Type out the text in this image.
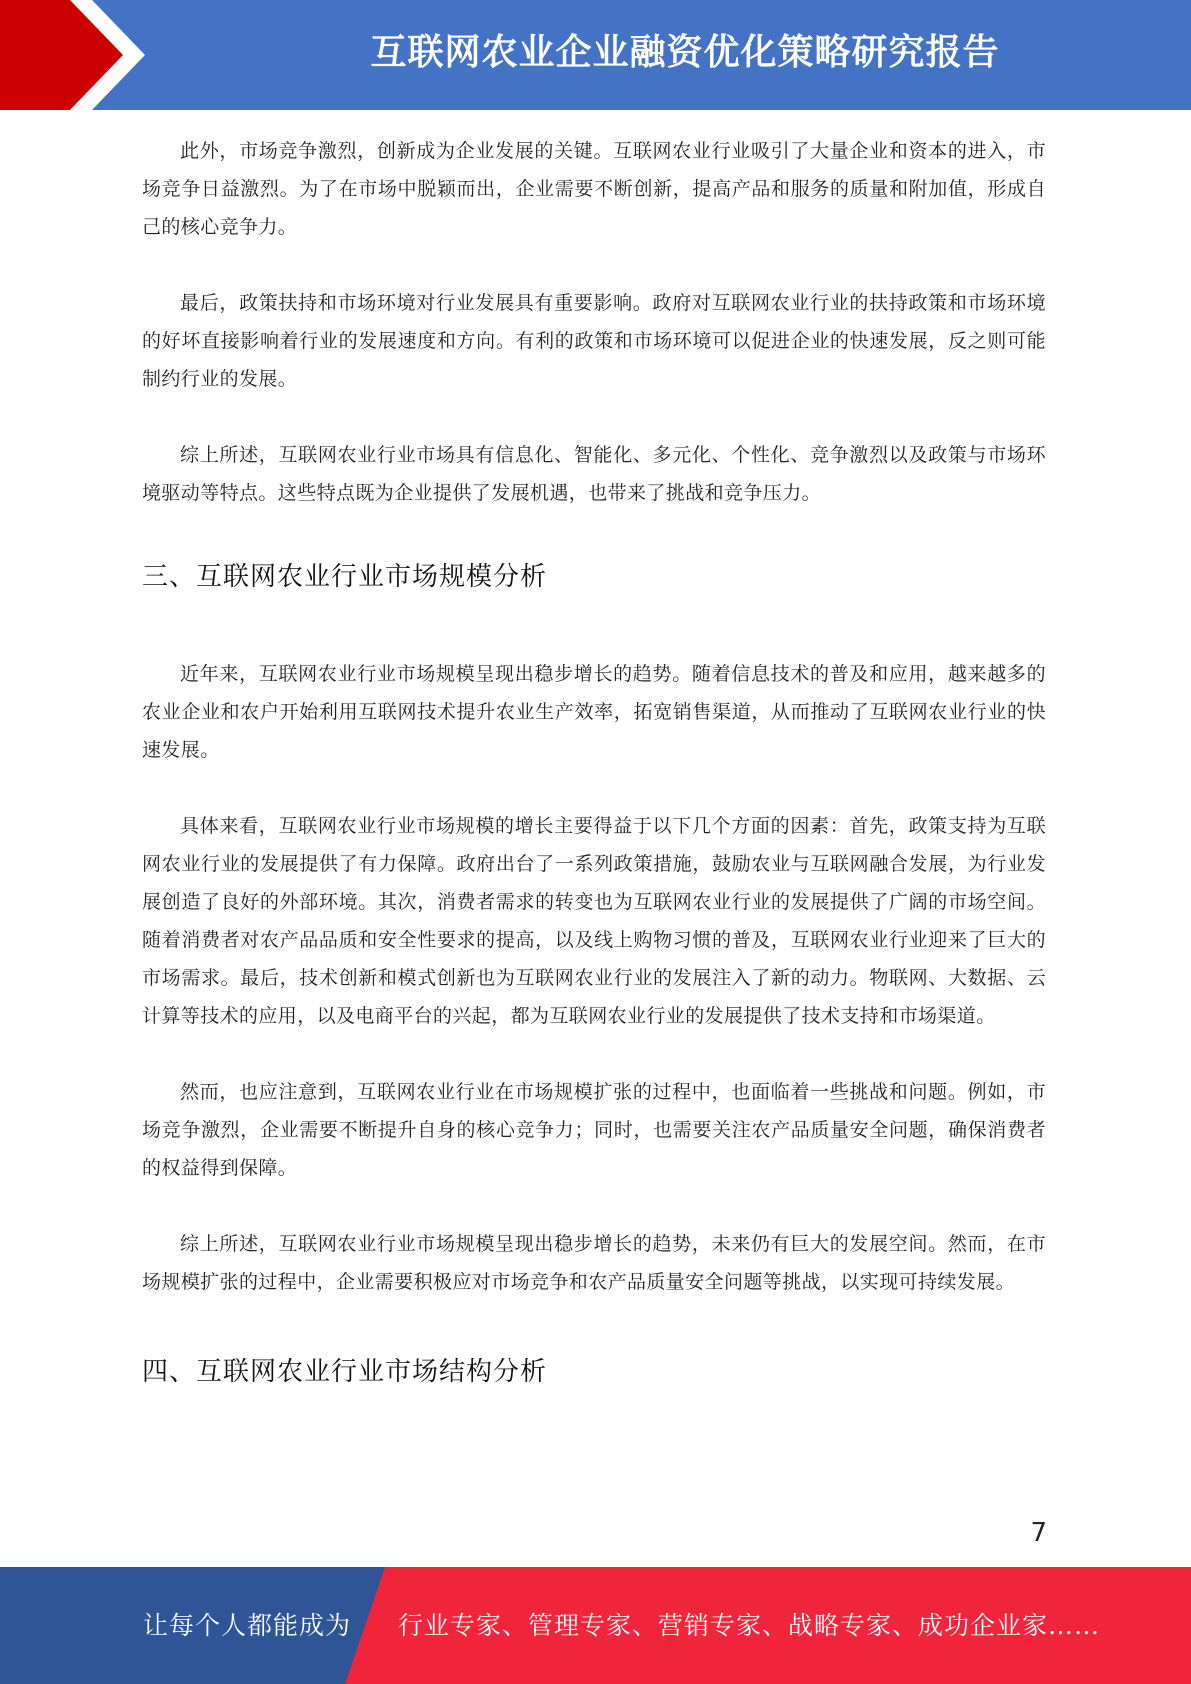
互联网农业企业融资优化策略研究报告

此外，市场竞争激烈，创新成为企业发展的关键。互联网农业行业吸引了大量企业和资本的进入，市场竞争日益激烈。为了在市场中脱颖而出，企业需要不断创新，提高产品和服务的质量和附加值，形成自己的核心竞争力。

最后，政策扶持和市场环境对行业发展具有重要影响。政府对互联网农业行业的扶持政策和市场环境的好坏直接影响着行业的发展速度和方向。有利的政策和市场环境可以促进企业的快速发展，反之则可能制约行业的发展。

综上所述，互联网农业行业市场具有信息化、智能化、多元化、个性化、竞争激烈以及政策与市场环境驱动等特点。这些特点既为企业提供了发展机遇，也带来了挑战和竞争压力。

三、互联网农业行业市场规模分析

近年来，互联网农业行业市场规模呈现出稳步增长的趋势。随着信息技术的普及和应用，越来越多的农业企业和农户开始利用互联网技术提升农业生产效率，拓宽销售渠道，从而推动了互联网农业行业的快速发展。

具体来看，互联网农业行业市场规模的增长主要得益于以下几个方面的因素：首先，政策支持为互联网农业行业的发展提供了有力保障。政府出台了一系列政策措施，鼓励农业与互联网融合发展，为行业发展创造了良好的外部环境。其次，消费者需求的转变也为互联网农业行业的发展提供了广阔的市场空间。随着消费者对农产品品质和安全性要求的提高，以及线上购物习惯的普及，互联网农业行业迎来了巨大的市场需求。最后，技术创新和模式创新也为互联网农业行业的发展注入了新的动力。物联网、大数据、云计算等技术的应用，以及电商平台的兴起，都为互联网农业行业的发展提供了技术支持和市场渠道。

然而，也应注意到，互联网农业行业在市场规模扩张的过程中，也面临着一些挑战和问题。例如，市场竞争激烈，企业需要不断提升自身的核心竞争力；同时，也需要关注农产品质量安全问题，确保消费者的权益得到保障。

综上所述，互联网农业行业市场规模呈现出稳步增长的趋势，未来仍有巨大的发展空间。然而，在市场规模扩张的过程中，企业需要积极应对市场竞争和农产品质量安全问题等挑战，以实现可持续发展。

四、互联网农业行业市场结构分析
7
让每个人都能成为 行业专家、管理专家、营销专家、战略专家、成功企业家……
